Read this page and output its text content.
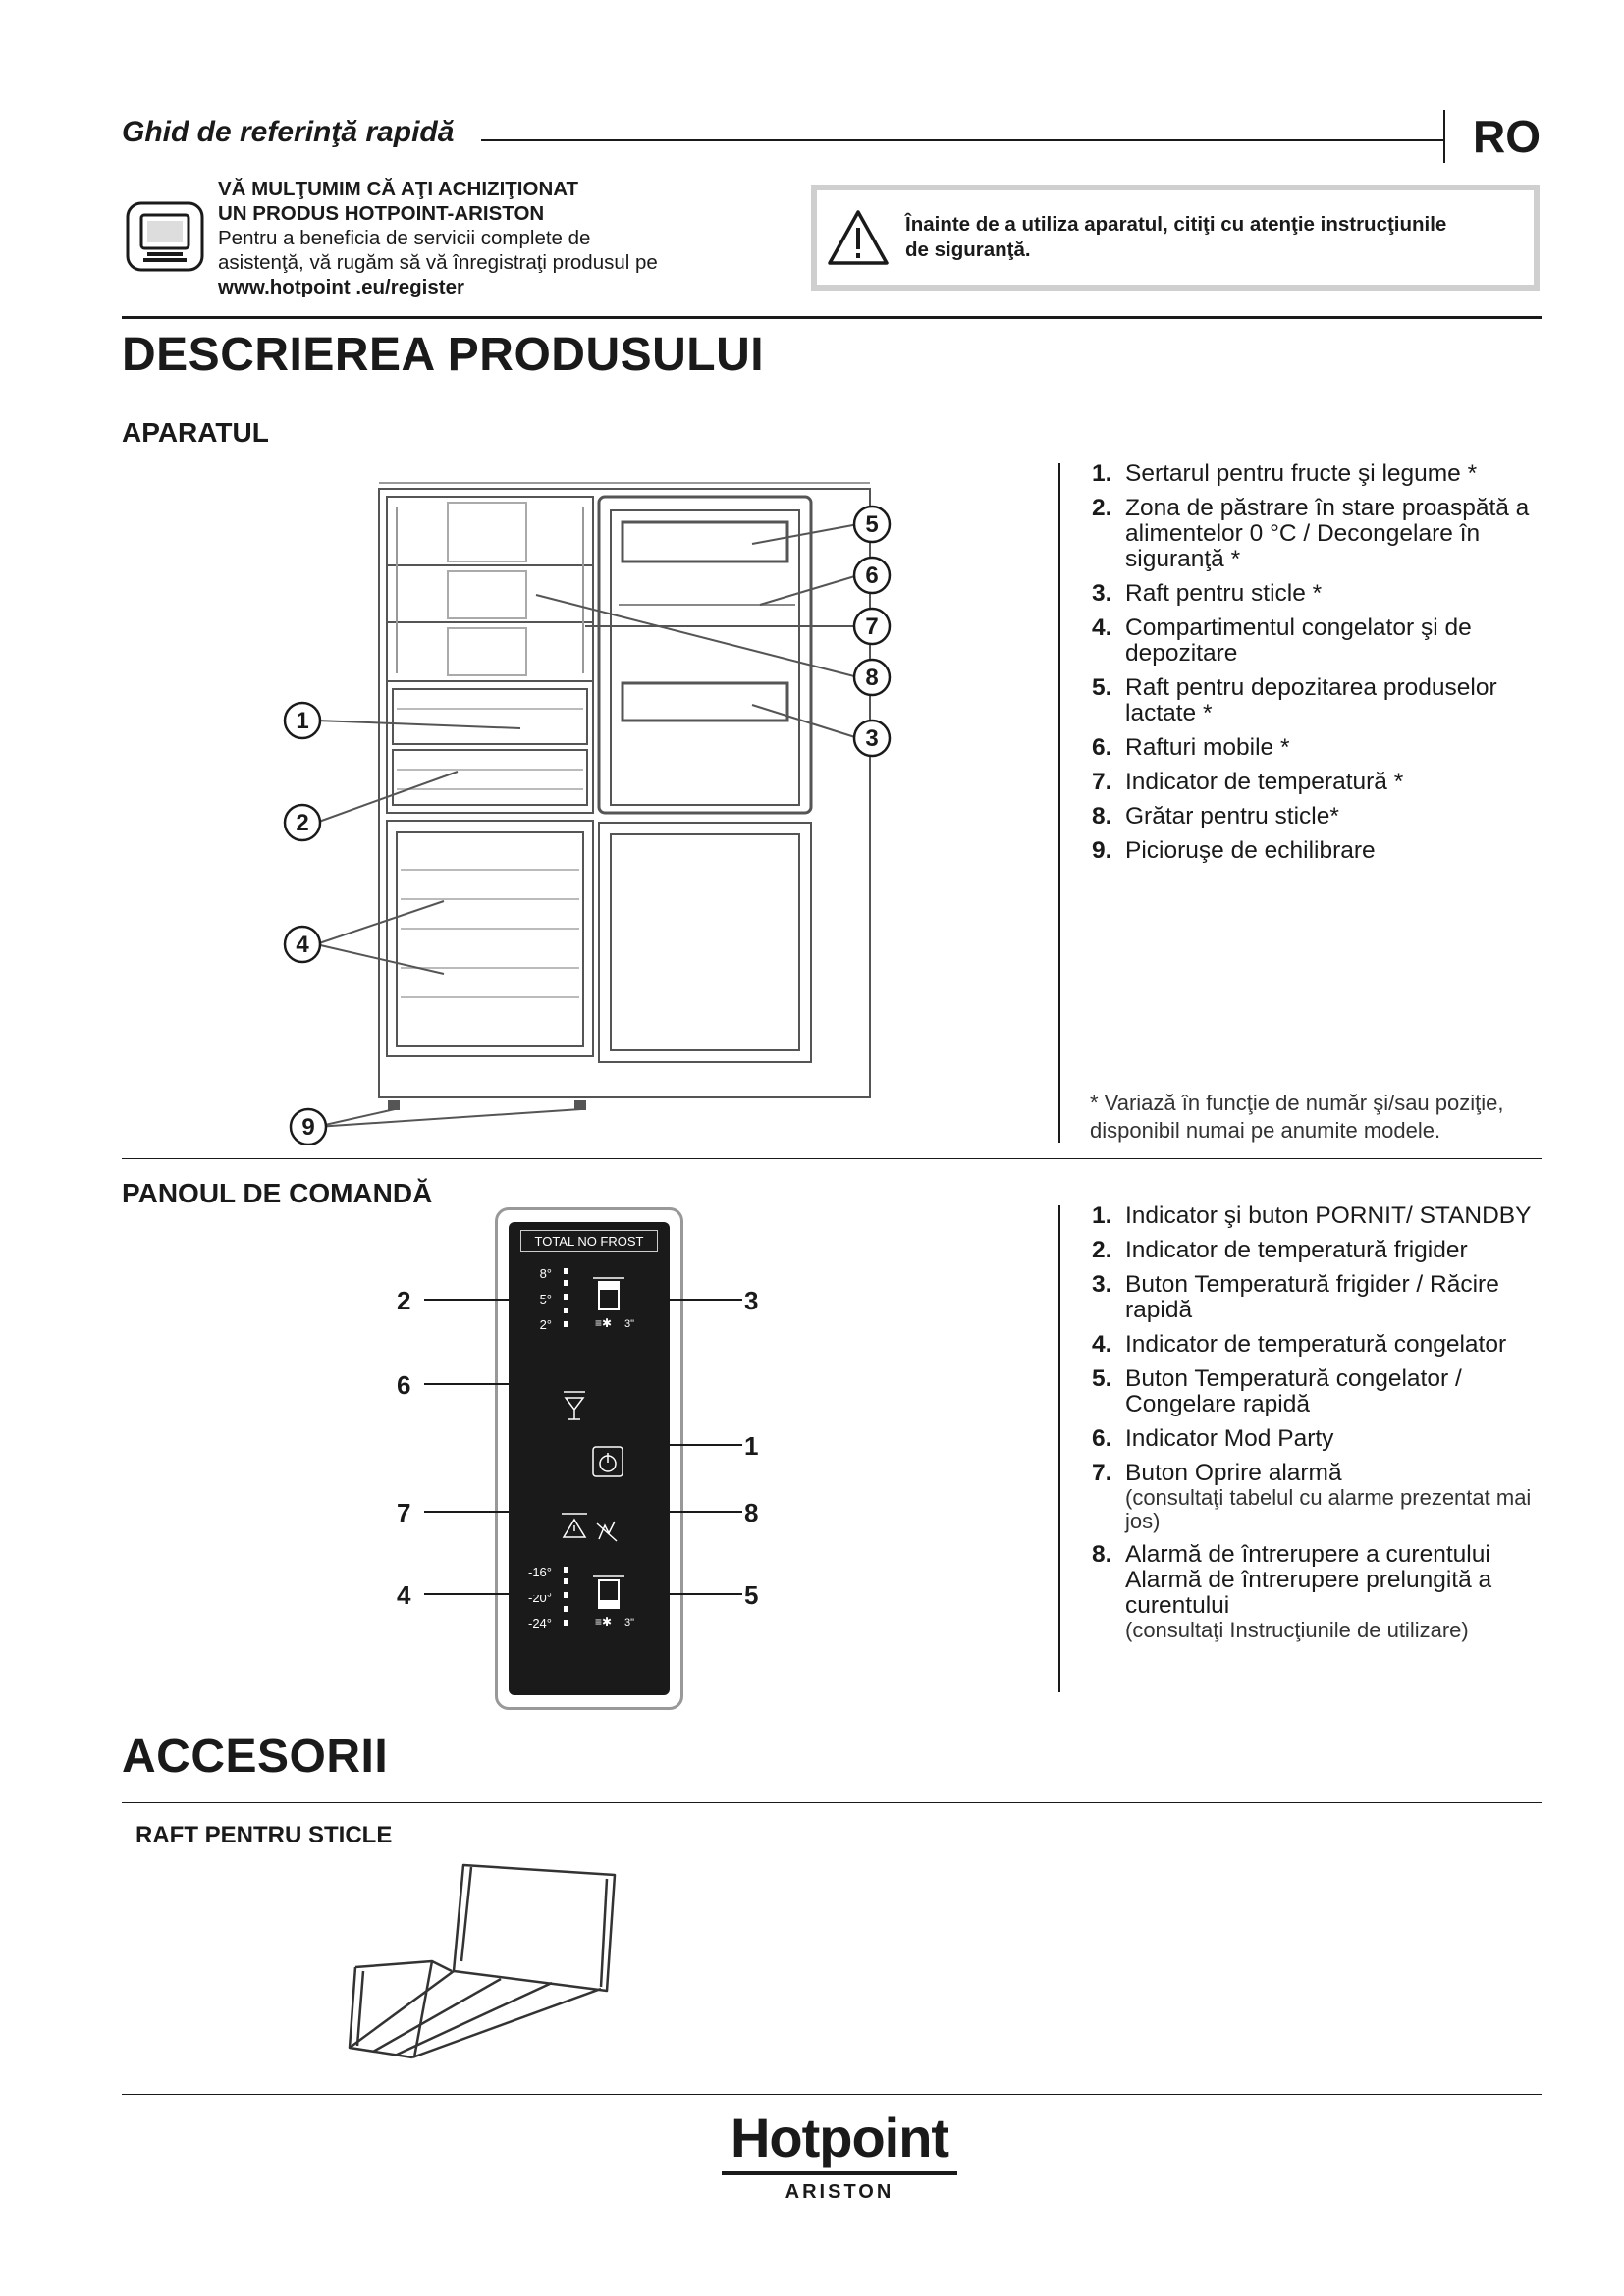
Ghid de referinţă rapidă	RO
VĂ MULŢUMIM CĂ AŢI ACHIZIŢIONAT
UN PRODUS HOTPOINT-ARISTON
Pentru a beneficia de servicii complete de
asistenţă, vă rugăm să vă înregistraţi produsul pe
www.hotpoint .eu/register
Înainte de a utiliza aparatul, citiţi cu atenţie instrucţiunile
de siguranţă.
DESCRIEREA PRODUSULUI
APARATUL
1
2
3
4
5
6
7
8
9
1. Sertarul pentru fructe şi legume *
2. Zona de păstrare în stare proaspătă a alimentelor 0 °C / Decongelare în siguranţă *
3. Raft pentru sticle *
4. Compartimentul congelator şi de depozitare
5. Raft pentru depozitarea produselor lactate *
6. Rafturi mobile *
7. Indicator de temperatură *
8. Grătar pentru sticle*
9. Picioruşe de echilibrare
* Variază în funcţie de număr şi/sau poziţie,
disponibil numai pe anumite modele.
PANOUL DE COMANDĂ
TOTAL NO FROST
8°
5°
2°
-16°
-20°
-24°
≡✱ 3"
≡✱ 3"
2	3
6
1
7	8
4	5
1. Indicator şi buton PORNIT/ STANDBY
2. Indicator de temperatură frigider
3. Buton Temperatură frigider / Răcire rapidă
4. Indicator de temperatură congelator
5. Buton Temperatură congelator / Congelare rapidă
6. Indicator Mod Party
7. Buton Oprire alarmă
(consultaţi tabelul cu alarme prezentat mai jos)
8. Alarmă de întrerupere a curentului Alarmă de întrerupere prelungită a curentului
(consultaţi Instrucţiunile de utilizare)
ACCESORII
RAFT PENTRU STICLE
Hotpoint
ARISTON
